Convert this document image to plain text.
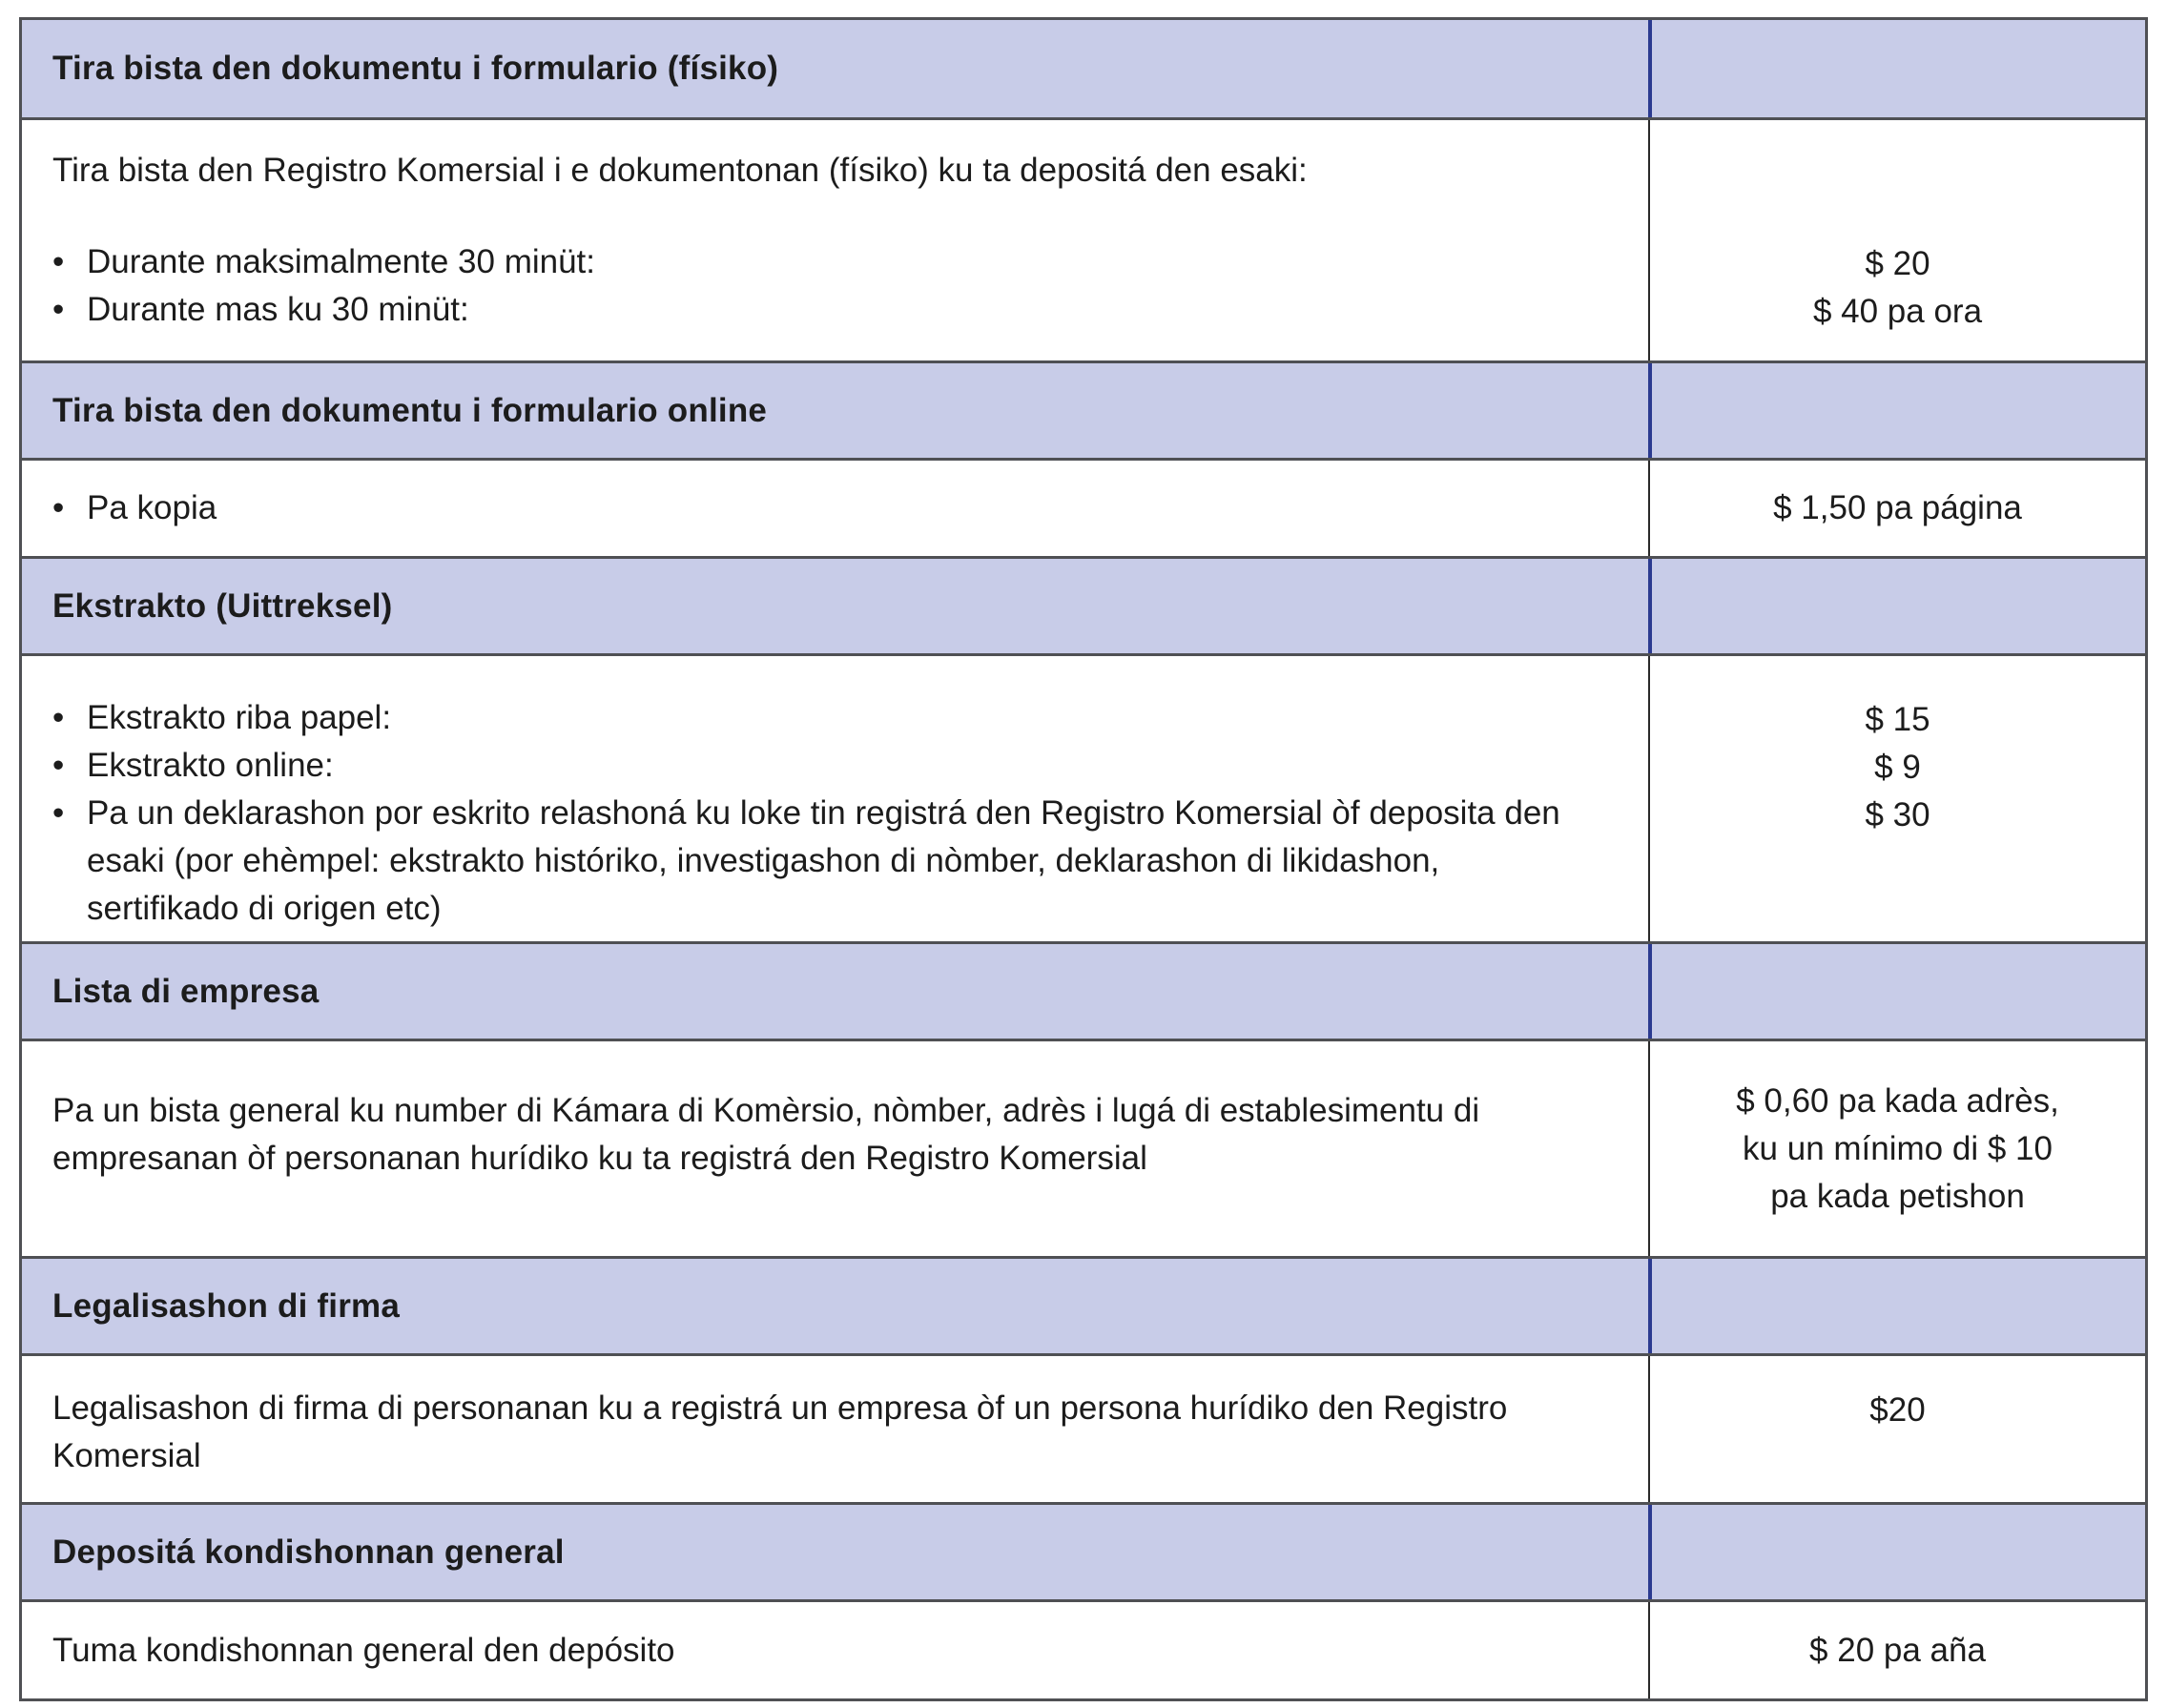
Tira bista den dokumentu i formulario (físiko)

Tira bista den Registro Komersial i e dokumentonan (físiko) ku ta depositá den esaki:

• Durante maksimalmente 30 minüt:
• Durante mas ku 30 minüt:
$ 20
$ 40 pa ora
Tira bista den dokumentu i formulario online
• Pa kopia	$ 1,50 pa página
Ekstrakto (Uittreksel)
• Ekstrakto riba papel:
• Ekstrakto online:
• Pa un deklarashon por eskrito relashoná ku loke tin registrá den Registro Komersial òf deposita den esaki (por ehèmpel: ekstrakto históriko, investigashon di nòmber, deklarashon di likidashon, sertifikado di origen etc)
$ 15
$ 9
$ 30
Lista di empresa

Pa un bista general ku number di Kámara di Komèrsio, nòmber, adrès i lugá di establesimentu di empresanan òf personanan hurídiko ku ta registrá den Registro Komersial

$ 0,60 pa kada adrès,
ku un mínimo di $ 10
pa kada petishon
Legalisashon di firma

Legalisashon di firma di personanan ku a registrá un empresa òf un persona hurídiko den Registro Komersial

$20
Depositá kondishonnan general

Tuma kondishonnan general den depósito	$ 20 pa aña
